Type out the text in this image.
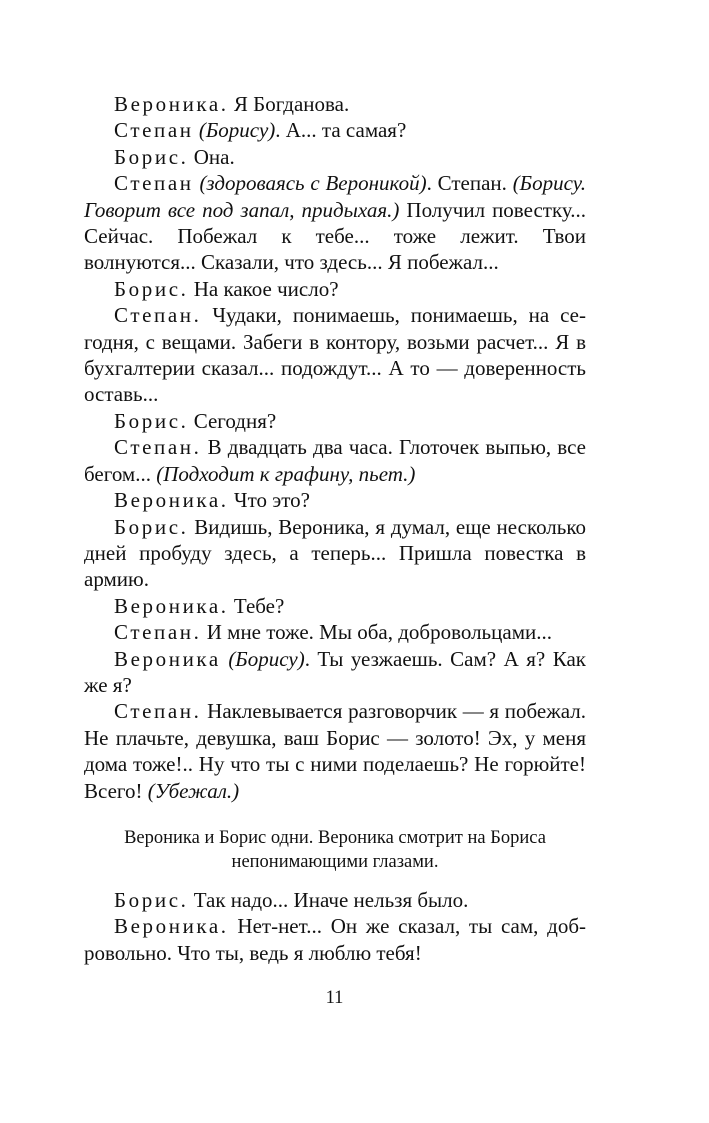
Вероника. Я Богданова.

Степан (Борису). А... та самая?

Борис. Она.

Степан (здороваясь с Вероникой). Степан. (Борису. Говорит все под запал, придыхая.) Получил повестку... Сейчас. Побежал к тебе... тоже лежит. Твои волнуются... Сказали, что здесь... Я побежал...

Борис. На какое число?

Степан. Чудаки, понимаешь, понимаешь, на сегодня, с вещами. Забеги в контору, возьми расчет... Я в бухгалтерии сказал... подождут... А то — доверенность оставь...

Борис. Сегодня?

Степан. В двадцать два часа. Глоточек выпью, все бегом... (Подходит к графину, пьет.)

Вероника. Что это?

Борис. Видишь, Вероника, я думал, еще несколько дней пробуду здесь, а теперь... Пришла повестка в армию.

Вероника. Тебе?

Степан. И мне тоже. Мы оба, добровольцами...

Вероника (Борису). Ты уезжаешь. Сам? А я? Как же я?

Степан. Наклевывается разговорчик — я побежал. Не плачьте, девушка, ваш Борис — золото! Эх, у меня дома тоже!.. Ну что ты с ними поделаешь? Не горюйте! Всего! (Убежал.)

Вероника и Борис одни. Вероника смотрит на Бориса непонимающими глазами.

Борис. Так надо... Иначе нельзя было.

Вероника. Нет-нет... Он же сказал, ты сам, добровольно. Что ты, ведь я люблю тебя!

11
